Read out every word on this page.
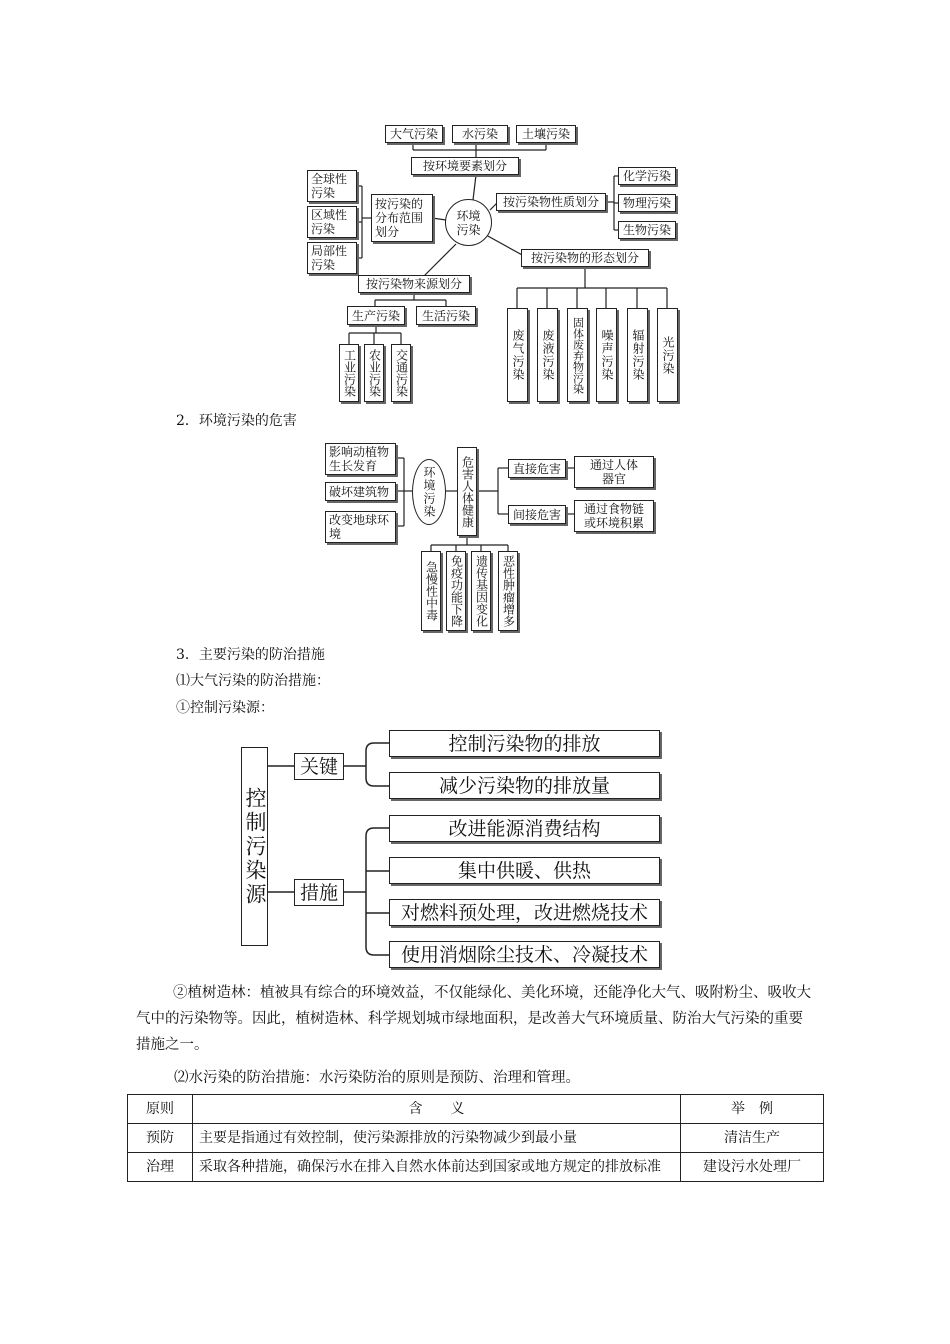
大气污染	水污染	土壤污染
按环境要素划分
环境污染
按污染的分布范围划分
全球性污染
区域性污染
局部性污染
按污染物性质划分
化学污染
物理污染
生物污染
按污染物的形态划分
废气污染 废液污染 固体废弃物污染 噪声污染 辐射污染 光污染
按污染物来源划分
生产污染	生活污染
工业污染 农业污染 交通污染
2．环境污染的危害
影响动植物生长发育
破坏建筑物
改变地球环境
环境污染 危害人体健康	直接危害
间接危害
通过人体器官
通过食物链或环境积累
急慢性中毒 免疫功能下降 遗传基因变化 恶性肿瘤增多
3．主要污染的防治措施
⑴大气污染的防治措施：
①控制污染源：
控制污染源
关键
措施
控制污染物的排放
减少污染物的排放量
改进能源消费结构
集中供暖、供热
对燃料预处理，改进燃烧技术
使用消烟除尘技术、冷凝技术
②植树造林：植被具有综合的环境效益，不仅能绿化、美化环境，还能净化大气、吸附粉尘、吸收大气中的污染物等。因此，植树造林、科学规划城市绿地面积，是改善大气环境质量、防治大气污染的重要措施之一。
⑵水污染的防治措施：水污染防治的原则是预防、治理和管理。
原则	含　　义	举　例
预防	主要是指通过有效控制，使污染源排放的污染物减少到最小量	清洁生产
治理	采取各种措施，确保污水在排入自然水体前达到国家或地方规定的排放标准	建设污水处理厂
